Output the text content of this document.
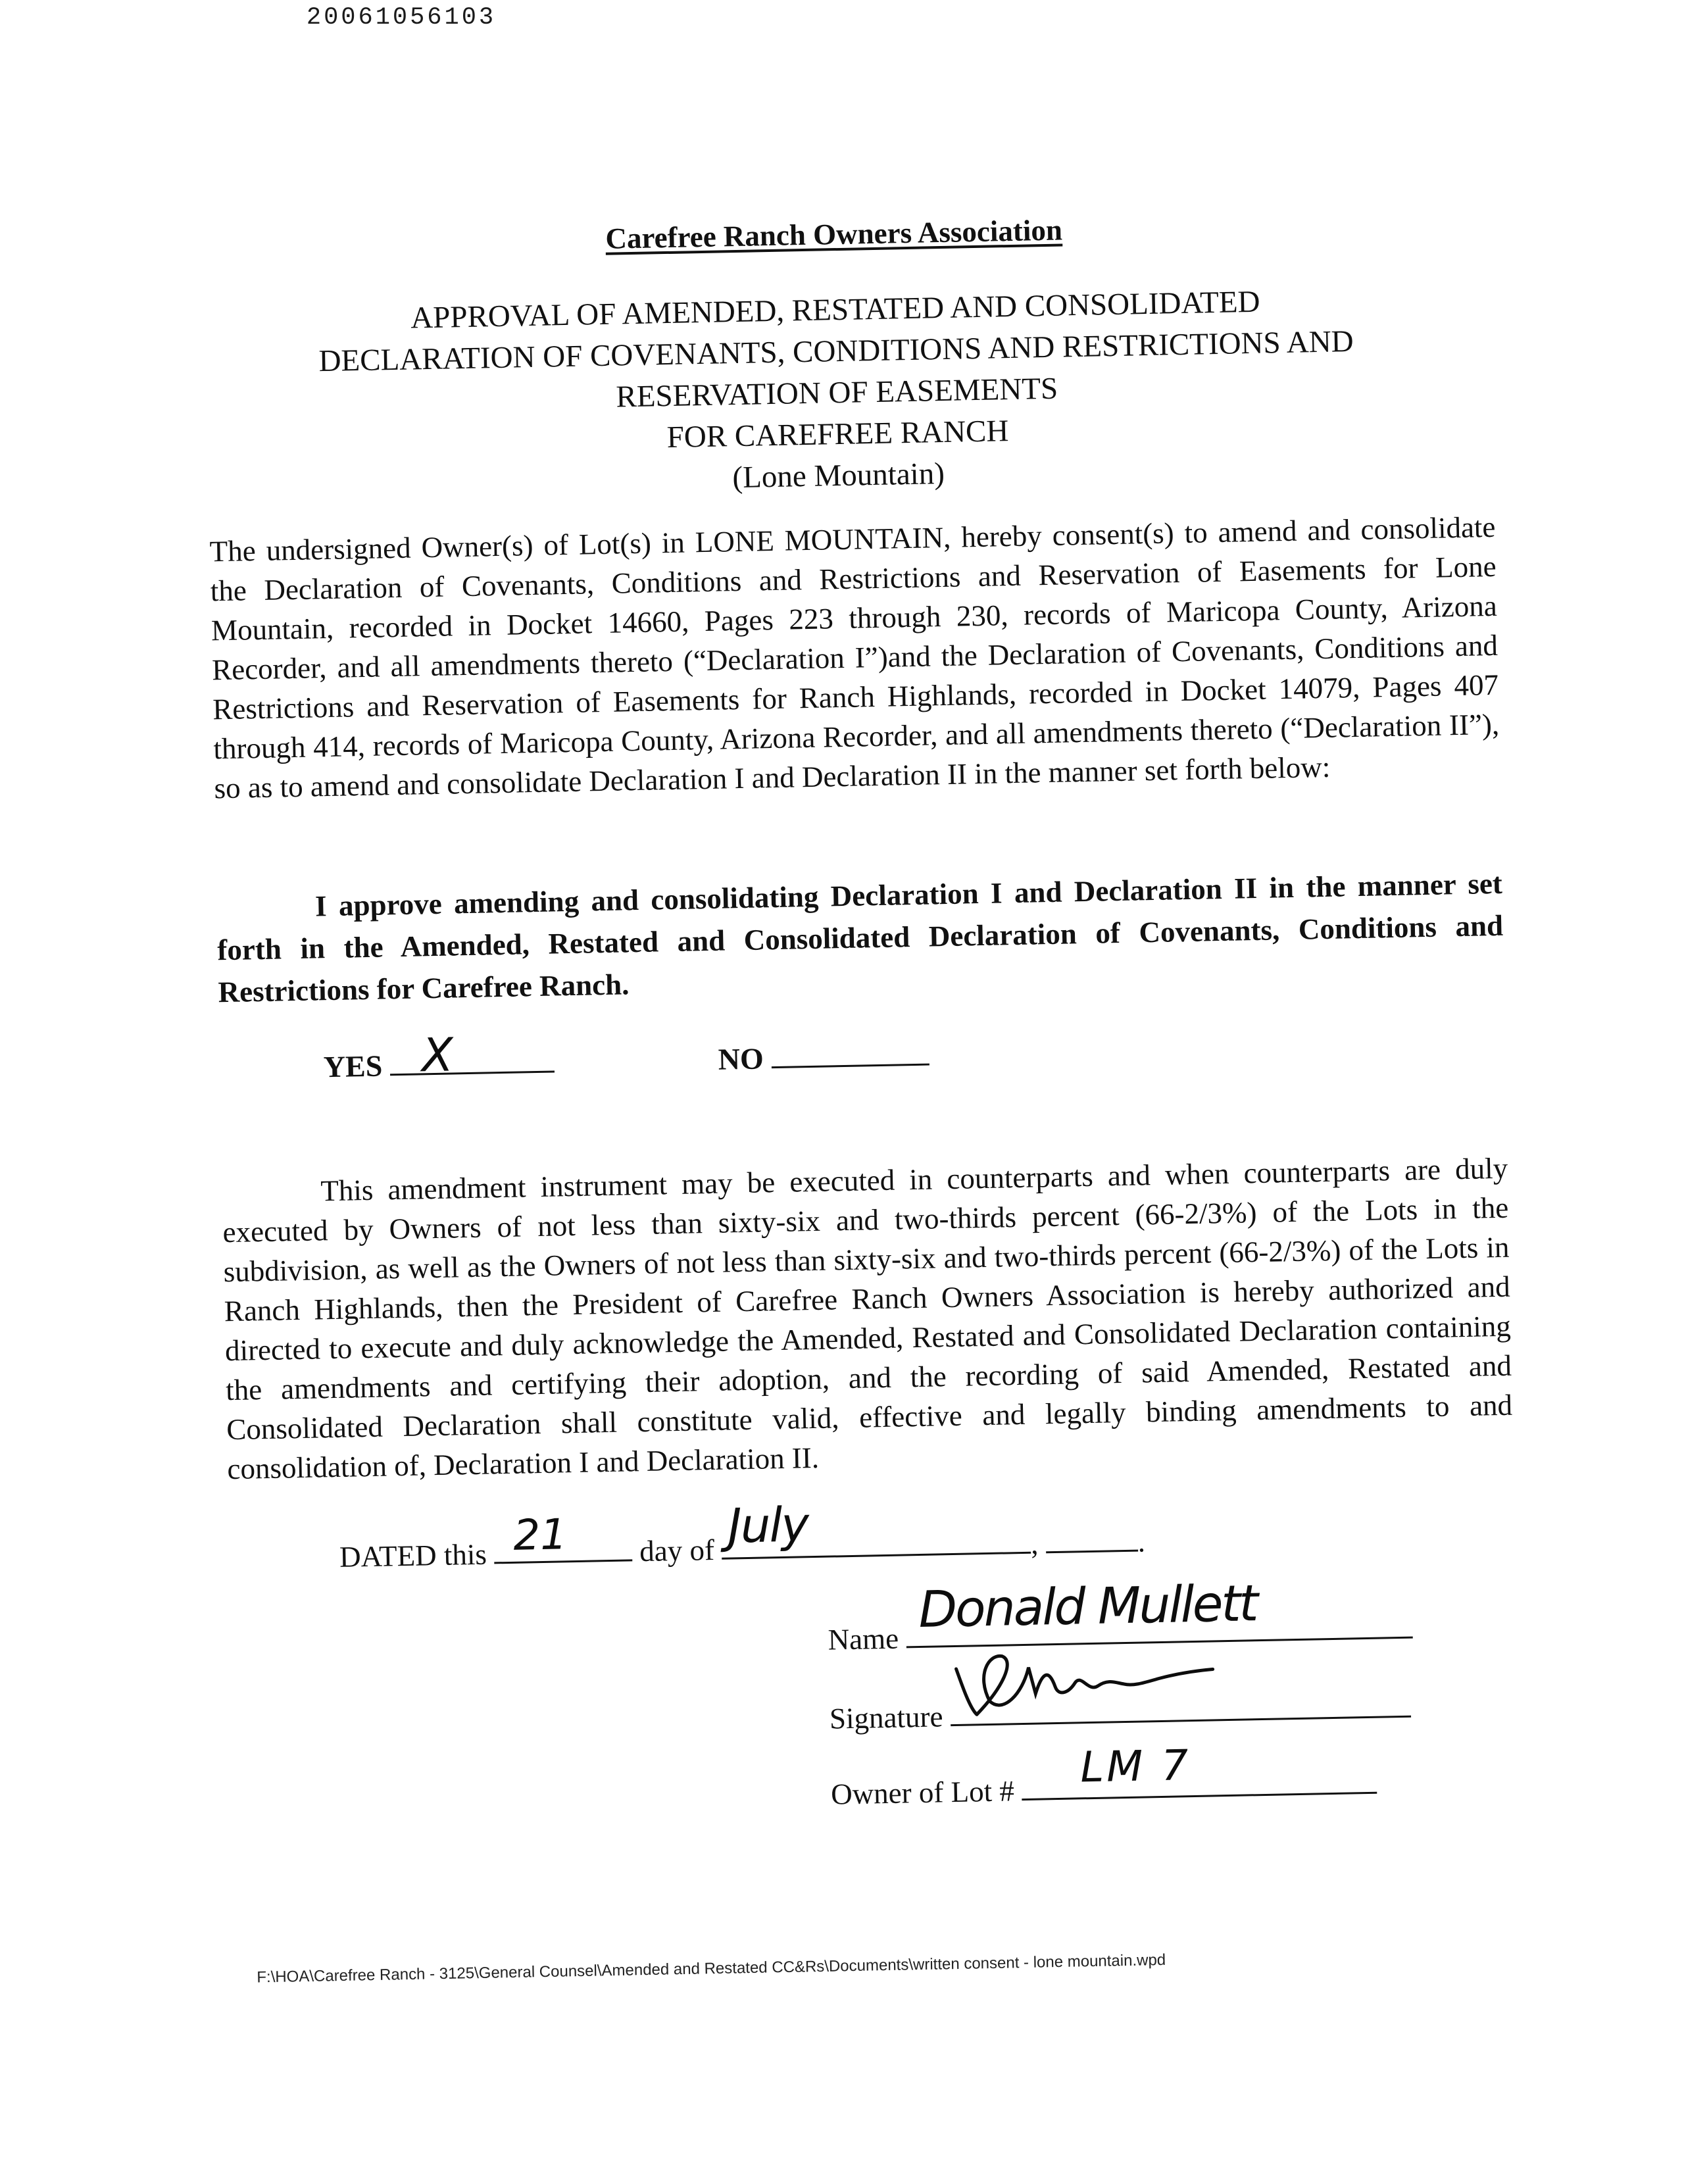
20061056103
Carefree Ranch Owners Association
APPROVAL OF AMENDED, RESTATED AND CONSOLIDATED
DECLARATION OF COVENANTS, CONDITIONS AND RESTRICTIONS AND
RESERVATION OF EASEMENTS
FOR CAREFREE RANCH
(Lone Mountain)
The undersigned Owner(s) of Lot(s) in LONE MOUNTAIN, hereby consent(s) to amend and consolidate the Declaration of Covenants, Conditions and Restrictions and Reservation of Easements for Lone Mountain, recorded in Docket 14660, Pages 223 through 230, records of Maricopa County, Arizona Recorder, and all amendments thereto (“Declaration I”)and the Declaration of Covenants, Conditions and Restrictions and Reservation of Easements for Ranch Highlands, recorded in Docket 14079, Pages 407 through 414, records of Maricopa County, Arizona Recorder, and all amendments thereto (“Declaration II”), so as to amend and consolidate Declaration I and Declaration II in the manner set forth below:
I approve amending and consolidating Declaration I and Declaration II in the manner set forth in the Amended, Restated and Consolidated Declaration of Covenants, Conditions and Restrictions for Carefree Ranch.
YES X	NO
This amendment instrument may be executed in counterparts and when counterparts are duly executed by Owners of not less than sixty-six and two-thirds percent (66-2/3%) of the Lots in the subdivision, as well as the Owners of not less than sixty-six and two-thirds percent (66-2/3%) of the Lots in Ranch Highlands, then the President of Carefree Ranch Owners Association is hereby authorized and directed to execute and duly acknowledge the Amended, Restated and Consolidated Declaration containing the amendments and certifying their adoption, and the recording of said Amended, Restated and Consolidated Declaration shall constitute valid, effective and legally binding amendments to and consolidation of, Declaration I and Declaration II.
DATED this 21 day of July	,	.
Name
Donald Mullett
Signature
Owner of Lot #
LM 7
F:\HOA\Carefree Ranch - 3125\General Counsel\Amended and Restated CC&Rs\Documents\written consent - lone mountain.wpd
